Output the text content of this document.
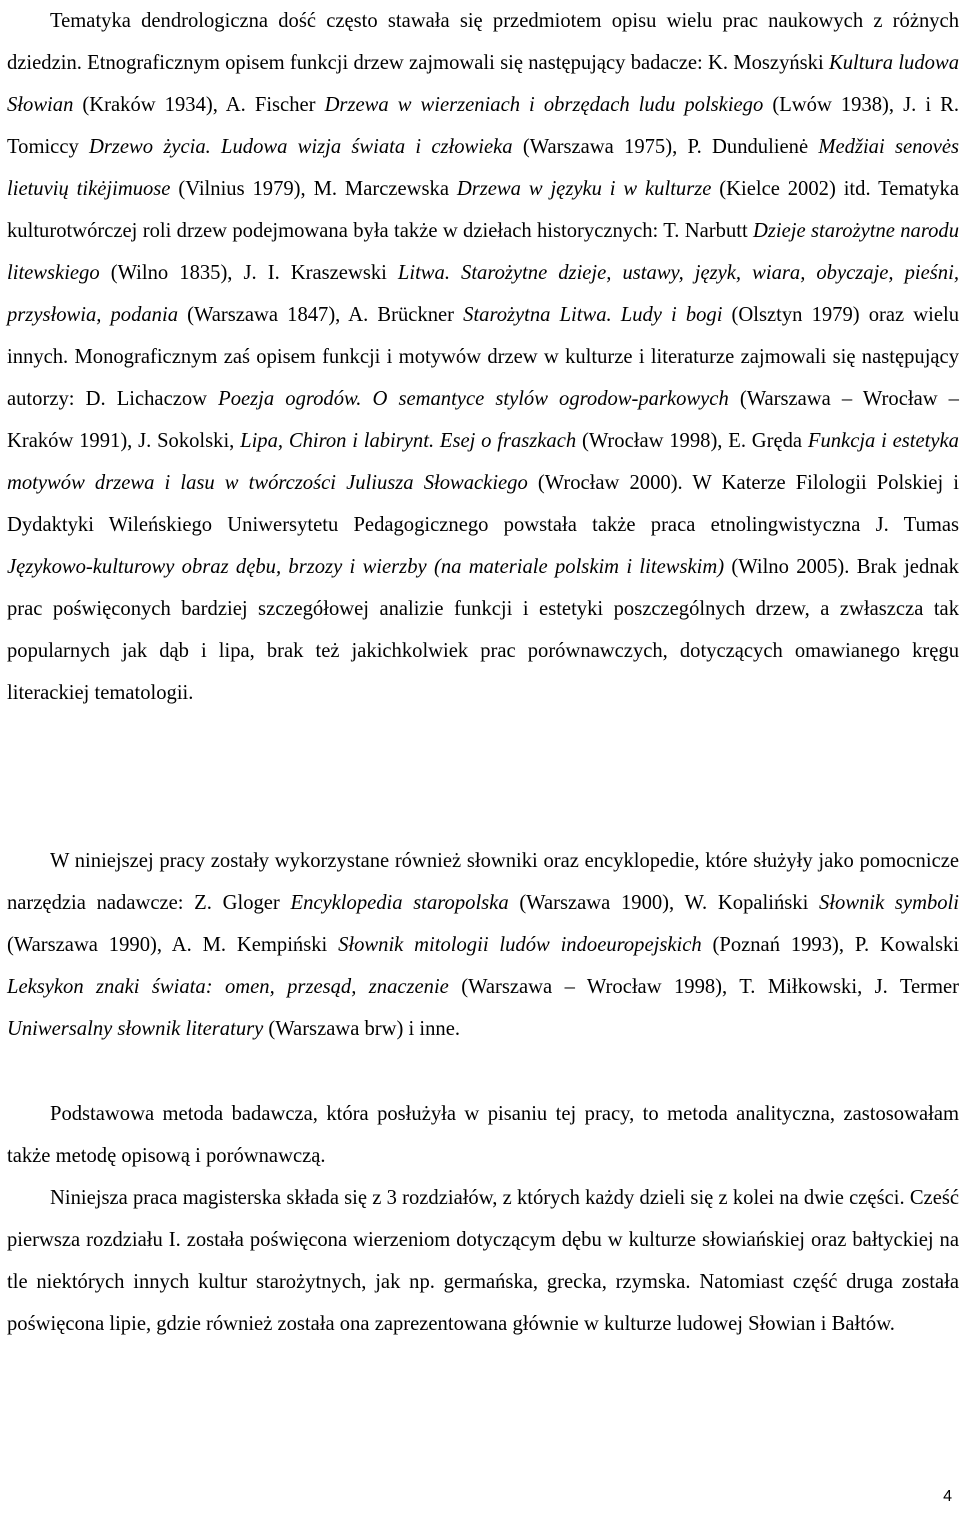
Tematyka dendrologiczna dość często stawała się przedmiotem opisu wielu prac naukowych z różnych dziedzin. Etnograficznym opisem funkcji drzew zajmowali się następujący badacze: K. Moszyński Kultura ludowa Słowian (Kraków 1934), A. Fischer Drzewa w wierzeniach i obrzędach ludu polskiego (Lwów 1938), J. i R. Tomiccy Drzewo życia. Ludowa wizja świata i człowieka (Warszawa 1975), P. Dundulienė Medžiai senovės lietuvių tikėjimuose (Vilnius 1979), M. Marczewska Drzewa w języku i w kulturze (Kielce 2002) itd. Tematyka kulturotwórczej roli drzew podejmowana była także w dziełach historycznych: T. Narbutt Dzieje starożytne narodu litewskiego (Wilno 1835), J. I. Kraszewski Litwa. Starożytne dzieje, ustawy, język, wiara, obyczaje, pieśni, przysłowia, podania (Warszawa 1847), A. Brückner Starożytna Litwa. Ludy i bogi (Olsztyn 1979) oraz wielu innych. Monograficznym zaś opisem funkcji i motywów drzew w kulturze i literaturze zajmowali się następujący autorzy: D. Lichaczow Poezja ogrodów. O semantyce stylów ogrodow-parkowych (Warszawa – Wrocław – Kraków 1991), J. Sokolski, Lipa, Chiron i labirynt. Esej o fraszkach (Wrocław 1998), E. Gręda Funkcja i estetyka motywów drzewa i lasu w twórczości Juliusza Słowackiego (Wrocław 2000). W Katerze Filologii Polskiej i Dydaktyki Wileńskiego Uniwersytetu Pedagogicznego powstała także praca etnolingwistyczna J. Tumas Językowo-kulturowy obraz dębu, brzozy i wierzby (na materiale polskim i litewskim) (Wilno 2005). Brak jednak prac poświęconych bardziej szczegółowej analizie funkcji i estetyki poszczególnych drzew, a zwłaszcza tak popularnych jak dąb i lipa, brak też jakichkolwiek prac porównawczych, dotyczących omawianego kręgu literackiej tematologii.

W niniejszej pracy zostały wykorzystane również słowniki oraz encyklopedie, które służyły jako pomocnicze narzędzia nadawcze: Z. Gloger Encyklopedia staropolska (Warszawa 1900), W. Kopaliński Słownik symboli (Warszawa 1990), A. M. Kempiński Słownik mitologii ludów indoeuropejskich (Poznań 1993), P. Kowalski Leksykon znaki świata: omen, przesąd, znaczenie (Warszawa – Wrocław 1998), T. Miłkowski, J. Termer Uniwersalny słownik literatury (Warszawa brw) i inne.

Podstawowa metoda badawcza, która posłużyła w pisaniu tej pracy, to metoda analityczna, zastosowałam także metodę opisową i porównawczą.

Niniejsza praca magisterska składa się z 3 rozdziałów, z których każdy dzieli się z kolei na dwie części. Cześć pierwsza rozdziału I. została poświęcona wierzeniom dotyczącym dębu w kulturze słowiańskiej oraz bałtyckiej na tle niektórych innych kultur starożytnych, jak np. germańska, grecka, rzymska. Natomiast część druga została poświęcona lipie, gdzie również została ona zaprezentowana głównie w kulturze ludowej Słowian i Bałtów.

4
